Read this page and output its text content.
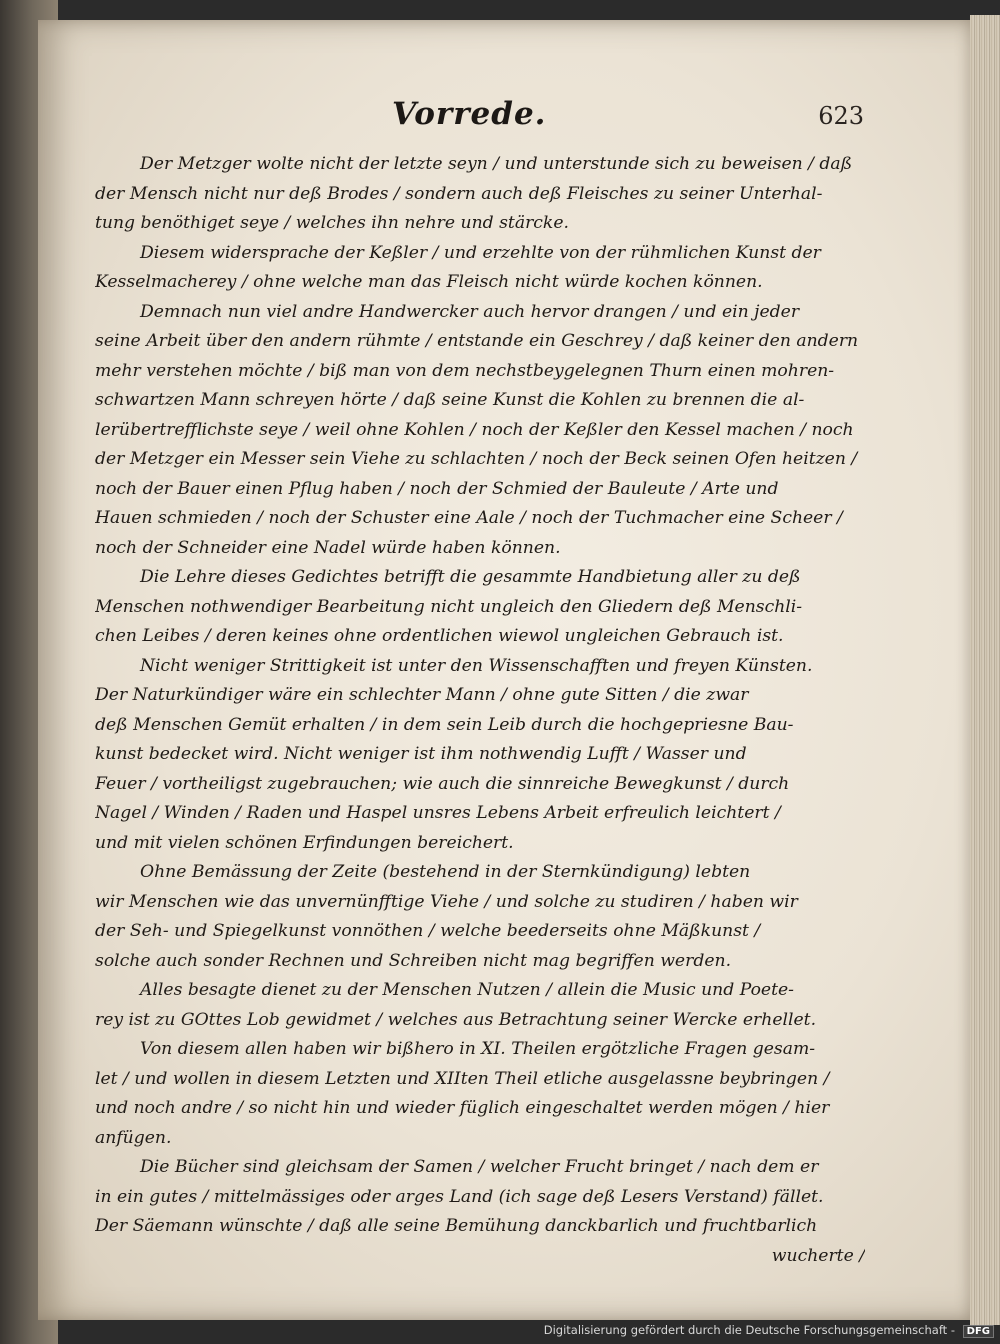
Vorrede.	623
Der Metzger wolte nicht der letzte seyn / und unterstunde sich zu beweisen / daß
der Mensch nicht nur deß Brodes / sondern auch deß Fleisches zu seiner Unterhal-
tung benöthiget seye / welches ihn nehre und stärcke.
Diesem widersprache der Keßler / und erzehlte von der rühmlichen Kunst der
Kesselmacherey / ohne welche man das Fleisch nicht würde kochen können.
Demnach nun viel andre Handwercker auch hervor drangen / und ein jeder
seine Arbeit über den andern rühmte / entstande ein Geschrey / daß keiner den andern
mehr verstehen möchte / biß man von dem nechstbeygelegnen Thurn einen mohren-
schwartzen Mann schreyen hörte / daß seine Kunst die Kohlen zu brennen die al-
lerübertrefflichste seye / weil ohne Kohlen / noch der Keßler den Kessel machen / noch
der Metzger ein Messer sein Viehe zu schlachten / noch der Beck seinen Ofen heitzen /
noch der Bauer einen Pflug haben / noch der Schmied der Bauleute / Arte und
Hauen schmieden / noch der Schuster eine Aale / noch der Tuchmacher eine Scheer /
noch der Schneider eine Nadel würde haben können.
Die Lehre dieses Gedichtes betrifft die gesammte Handbietung aller zu deß
Menschen nothwendiger Bearbeitung nicht ungleich den Gliedern deß Menschli-
chen Leibes / deren keines ohne ordentlichen wiewol ungleichen Gebrauch ist.
Nicht weniger Strittigkeit ist unter den Wissenschafften und freyen Künsten.
Der Naturkündiger wäre ein schlechter Mann / ohne gute Sitten / die zwar
deß Menschen Gemüt erhalten / in dem sein Leib durch die hochgepriesne Bau-
kunst bedecket wird. Nicht weniger ist ihm nothwendig Lufft / Wasser und
Feuer / vortheiligst zugebrauchen; wie auch die sinnreiche Bewegkunst / durch
Nagel / Winden / Raden und Haspel unsres Lebens Arbeit erfreulich leichtert /
und mit vielen schönen Erfindungen bereichert.
Ohne Bemässung der Zeite (bestehend in der Sternkündigung) lebten
wir Menschen wie das unvernünfftige Viehe / und solche zu studiren / haben wir
der Seh- und Spiegelkunst vonnöthen / welche beederseits ohne Mäßkunst /
solche auch sonder Rechnen und Schreiben nicht mag begriffen werden.
Alles besagte dienet zu der Menschen Nutzen / allein die Music und Poete-
rey ist zu GOttes Lob gewidmet / welches aus Betrachtung seiner Wercke erhellet.
Von diesem allen haben wir bißhero in XI. Theilen ergötzliche Fragen gesam-
let / und wollen in diesem Letzten und XIIten Theil etliche ausgelassne beybringen /
und noch andre / so nicht hin und wieder füglich eingeschaltet werden mögen / hier
anfügen.
Die Bücher sind gleichsam der Samen / welcher Frucht bringet / nach dem er
in ein gutes / mittelmässiges oder arges Land (ich sage deß Lesers Verstand) fället.
Der Säemann wünschte / daß alle seine Bemühung danckbarlich und fruchtbarlich
wucherte /
Digitalisierung gefördert durch die Deutsche Forschungsgemeinschaft - DFG
